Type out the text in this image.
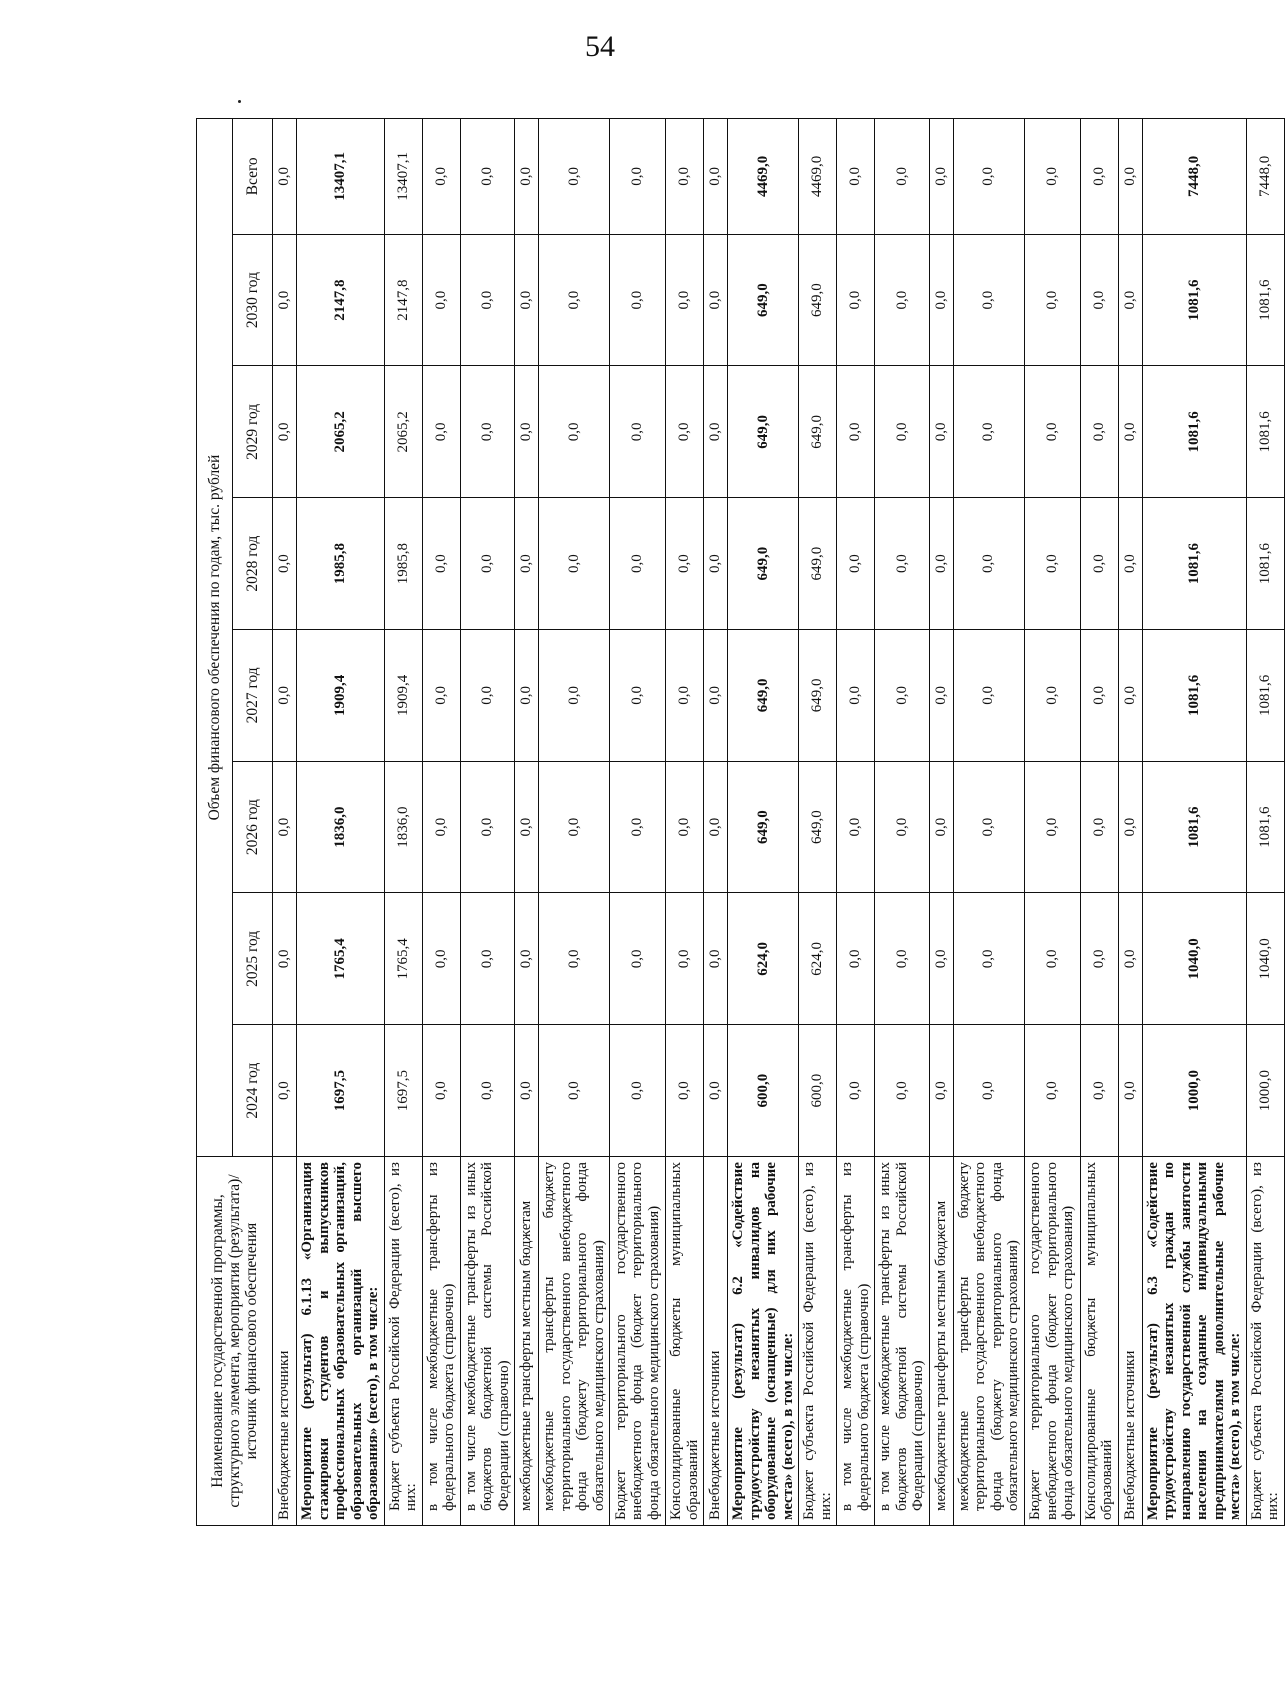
54
Наименование государственной программы, структурного элемента, мероприятия (результата)/источник финансового обеспечения	Объем финансового обеспечения по годам, тыс. рублей							
	2024 год	2025 год	2026 год	2027 год	2028 год	2029 год	2030 год	Всего
Внебюджетные источники	0,0	0,0	0,0	0,0	0,0	0,0	0,0	0,0
Мероприятие (результат) 6.1.13 «Организация стажировки студентов и выпускников профессиональных образовательных организаций, образовательных организаций высшего образования» (всего), в том числе:	1697,5	1765,4	1836,0	1909,4	1985,8	2065,2	2147,8	13407,1
Бюджет субъекта Российской Федерации (всего), из них:	1697,5	1765,4	1836,0	1909,4	1985,8	2065,2	2147,8	13407,1
в том числе межбюджетные трансферты из федерального бюджета (справочно)	0,0	0,0	0,0	0,0	0,0	0,0	0,0	0,0
в том числе межбюджетные трансферты из иных бюджетов бюджетной системы Российской Федерации (справочно)	0,0	0,0	0,0	0,0	0,0	0,0	0,0	0,0
межбюджетные трансферты местным бюджетам	0,0	0,0	0,0	0,0	0,0	0,0	0,0	0,0
межбюджетные трансферты бюджету территориального государственного внебюджетного фонда (бюджету территориального фонда обязательного медицинского страхования)	0,0	0,0	0,0	0,0	0,0	0,0	0,0	0,0
Бюджет территориального государственного внебюджетного фонда (бюджет территориального фонда обязательного медицинского страхования)	0,0	0,0	0,0	0,0	0,0	0,0	0,0	0,0
Консолидированные бюджеты муниципальных образований	0,0	0,0	0,0	0,0	0,0	0,0	0,0	0,0
Внебюджетные источники	0,0	0,0	0,0	0,0	0,0	0,0	0,0	0,0
Мероприятие (результат) 6.2 «Содействие трудоустройству незанятых инвалидов на оборудованные (оснащенные) для них рабочие места» (всего), в том числе:	600,0	624,0	649,0	649,0	649,0	649,0	649,0	4469,0
Бюджет субъекта Российской Федерации (всего), из них:	600,0	624,0	649,0	649,0	649,0	649,0	649,0	4469,0
в том числе межбюджетные трансферты из федерального бюджета (справочно)	0,0	0,0	0,0	0,0	0,0	0,0	0,0	0,0
в том числе межбюджетные трансферты из иных бюджетов бюджетной системы Российской Федерации (справочно)	0,0	0,0	0,0	0,0	0,0	0,0	0,0	0,0
межбюджетные трансферты местным бюджетам	0,0	0,0	0,0	0,0	0,0	0,0	0,0	0,0
межбюджетные трансферты бюджету территориального государственного внебюджетного фонда (бюджету территориального фонда обязательного медицинского страхования)	0,0	0,0	0,0	0,0	0,0	0,0	0,0	0,0
Бюджет территориального государственного внебюджетного фонда (бюджет территориального фонда обязательного медицинского страхования)	0,0	0,0	0,0	0,0	0,0	0,0	0,0	0,0
Консолидированные бюджеты муниципальных образований	0,0	0,0	0,0	0,0	0,0	0,0	0,0	0,0
Внебюджетные источники	0,0	0,0	0,0	0,0	0,0	0,0	0,0	0,0
Мероприятие (результат) 6.3 «Содействие трудоустройству незанятых граждан по направлению государственной службы занятости населения на созданные индивидуальными предпринимателями дополнительные рабочие места» (всего), в том числе:	1000,0	1040,0	1081,6	1081,6	1081,6	1081,6	1081,6	7448,0
Бюджет субъекта Российской Федерации (всего), из них:	1000,0	1040,0	1081,6	1081,6	1081,6	1081,6	1081,6	7448,0
